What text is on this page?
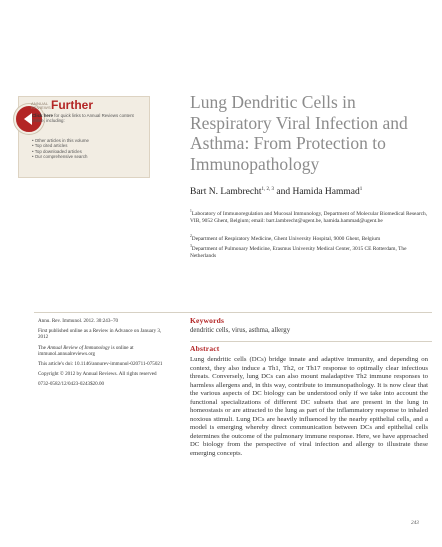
ANNUAL
REVIEWS Further
Click here for quick links to Annual Reviews content online, including:
• Other articles in this volume
• Top cited articles
• Top downloaded articles
• Our comprehensive search
Lung Dendritic Cells in Respiratory Viral Infection and Asthma: From Protection to Immunopathology
Bart N. Lambrecht$^{1, 2, 3}$ and Hamida Hammad$^1$

$^1$Laboratory of Immunoregulation and Mucosal Immunology, Department of Molecular Biomedical Research, VIB, 9052 Ghent, Belgium; email: bart.lambrecht@ugent.be, hamida.hammad@ugent.be

$^2$Department of Respiratory Medicine, Ghent University Hospital, 9000 Ghent, Belgium

$^3$Department of Pulmonary Medicine, Erasmus University Medical Center, 3015 CE Rotterdam, The Netherlands

Annu. Rev. Immunol. 2012. 30:243–70

First published online as a Review in Advance on January 3, 2012

The Annual Review of Immunology is online at immunol.annualreviews.org

This article's doi: 10.1146/annurev-immunol-020711-075021

Copyright © 2012 by Annual Reviews. All rights reserved

0732-0582/12/0423-0243$20.00

Keywords
dendritic cells, virus, asthma, allergy
Abstract

Lung dendritic cells (DCs) bridge innate and adaptive immunity, and depending on context, they also induce a Th1, Th2, or Th17 response to optimally clear infectious threats. Conversely, lung DCs can also mount maladaptive Th2 immune responses to harmless allergens and, in this way, contribute to immunopathology. It is now clear that the various aspects of DC biology can be understood only if we take into account the functional specializations of different DC subsets that are present in the lung in homeostasis or are attracted to the lung as part of the inflammatory response to inhaled noxious stimuli. Lung DCs are heavily influenced by the nearby epithelial cells, and a model is emerging whereby direct communication between DCs and epithelial cells determines the outcome of the pulmonary immune response. Here, we have approached DC biology from the perspective of viral infection and allergy to illustrate these emerging concepts.

243
